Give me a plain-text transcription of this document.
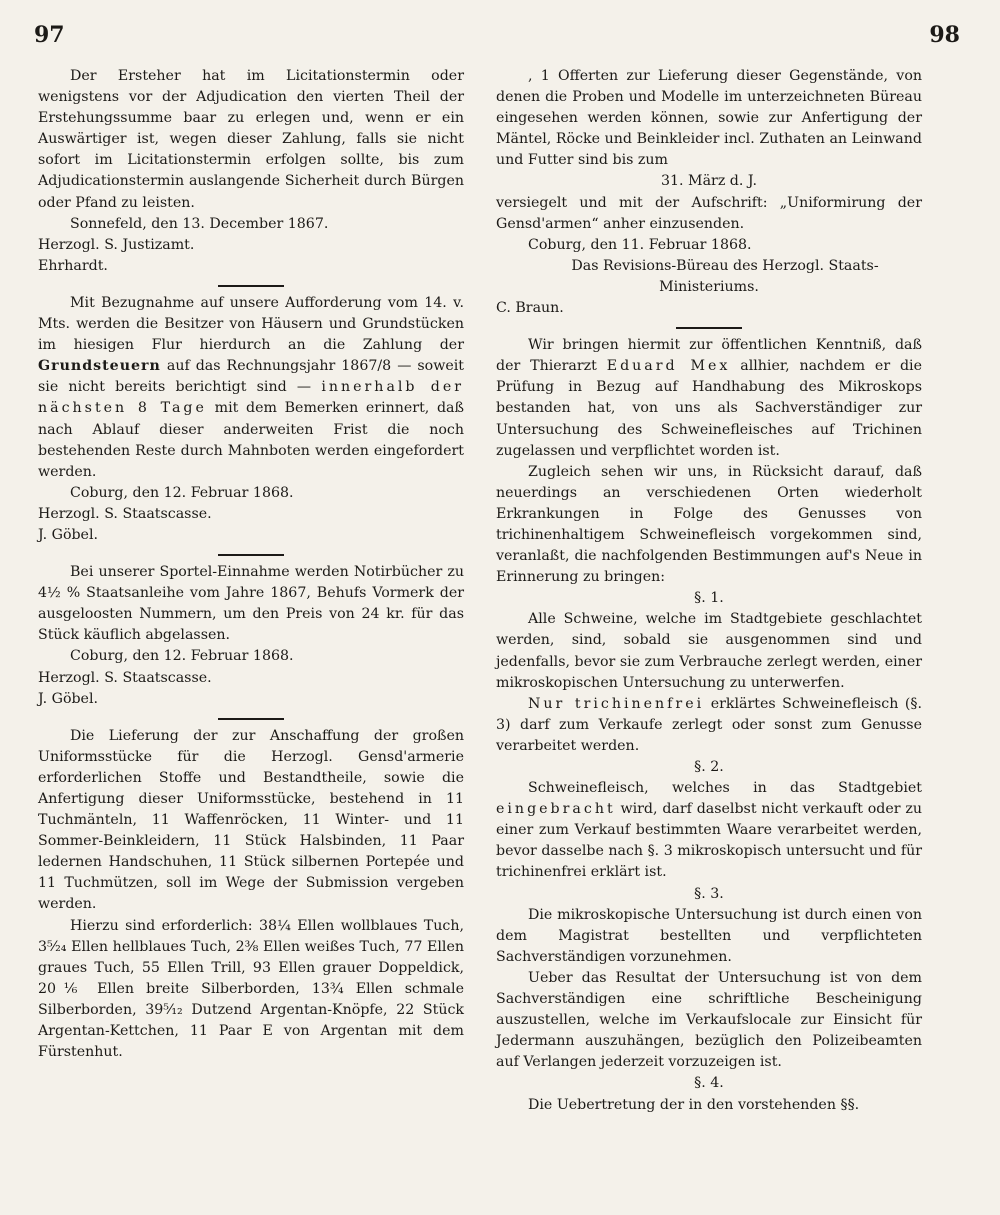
97	98

Der Ersteher hat im Licitationstermin oder wenigstens vor der Adjudication den vierten Theil der Erstehungssumme baar zu erlegen und, wenn er ein Auswärtiger ist, wegen dieser Zahlung, falls sie nicht sofort im Licitationstermin erfolgen sollte, bis zum Adjudicationstermin auslangende Sicherheit durch Bürgen oder Pfand zu leisten.

Sonnefeld, den 13. December 1867.

Herzogl. S. Justizamt.

Ehrhardt.

Mit Bezugnahme auf unsere Aufforderung vom 14. v. Mts. werden die Besitzer von Häusern und Grundstücken im hiesigen Flur hierdurch an die Zahlung der Grundsteuern auf das Rechnungsjahr 1867/8 — soweit sie nicht bereits berichtigt sind — innerhalb der nächsten 8 Tage mit dem Bemerken erinnert, daß nach Ablauf dieser anderweiten Frist die noch bestehenden Reste durch Mahnboten werden eingefordert werden.

Coburg, den 12. Februar 1868.

Herzogl. S. Staatscasse.

J. Göbel.

Bei unserer Sportel-Einnahme werden Notirbücher zu 4½ % Staatsanleihe vom Jahre 1867, Behufs Vormerk der ausgeloosten Nummern, um den Preis von 24 kr. für das Stück käuflich abgelassen.

Coburg, den 12. Februar 1868.

Herzogl. S. Staatscasse.

J. Göbel.

Die Lieferung der zur Anschaffung der großen Uniformsstücke für die Herzogl. Gensd'armerie erforderlichen Stoffe und Bestandtheile, sowie die Anfertigung dieser Uniformsstücke, bestehend in 11 Tuchmänteln, 11 Waffenröcken, 11 Winter- und 11 Sommer-Beinkleidern, 11 Stück Halsbinden, 11 Paar ledernen Handschuhen, 11 Stück silbernen Portepée und 11 Tuchmützen, soll im Wege der Submission vergeben werden.

Hierzu sind erforderlich: 38¼ Ellen wollblaues Tuch, 3⁵⁄₂₄ Ellen hellblaues Tuch, 2⅜ Ellen weißes Tuch, 77 Ellen graues Tuch, 55 Ellen Trill, 93 Ellen grauer Doppeldick, 20⅙ Ellen breite Silberborden, 13¾ Ellen schmale Silberborden, 39⁵⁄₁₂ Dutzend Argentan-Knöpfe, 22 Stück Argentan-Kettchen, 11 Paar E von Argentan mit dem Fürstenhut.

, 1 Offerten zur Lieferung dieser Gegenstände, von denen die Proben und Modelle im unterzeichneten Büreau eingesehen werden können, sowie zur Anfertigung der Mäntel, Röcke und Beinkleider incl. Zuthaten an Leinwand und Futter sind bis zum

31. März d. J.

versiegelt und mit der Aufschrift: „Uniformirung der Gensd'armen“ anher einzusenden.

Coburg, den 11. Februar 1868.

Das Revisions-Büreau des Herzogl. Staats-Ministeriums.

C. Braun.

Wir bringen hiermit zur öffentlichen Kenntniß, daß der Thierarzt Eduard Mex allhier, nachdem er die Prüfung in Bezug auf Handhabung des Mikroskops bestanden hat, von uns als Sachverständiger zur Untersuchung des Schweinefleisches auf Trichinen zugelassen und verpflichtet worden ist.

Zugleich sehen wir uns, in Rücksicht darauf, daß neuerdings an verschiedenen Orten wiederholt Erkrankungen in Folge des Genusses von trichinenhaltigem Schweinefleisch vorgekommen sind, veranlaßt, die nachfolgenden Bestimmungen auf's Neue in Erinnerung zu bringen:

§. 1.

Alle Schweine, welche im Stadtgebiete geschlachtet werden, sind, sobald sie ausgenommen sind und jedenfalls, bevor sie zum Verbrauche zerlegt werden, einer mikroskopischen Untersuchung zu unterwerfen.

Nur trichinenfrei erklärtes Schweinefleisch (§. 3) darf zum Verkaufe zerlegt oder sonst zum Genusse verarbeitet werden.

§. 2.

Schweinefleisch, welches in das Stadtgebiet eingebracht wird, darf daselbst nicht verkauft oder zu einer zum Verkauf bestimmten Waare verarbeitet werden, bevor dasselbe nach §. 3 mikroskopisch untersucht und für trichinenfrei erklärt ist.

§. 3.

Die mikroskopische Untersuchung ist durch einen von dem Magistrat bestellten und verpflichteten Sachverständigen vorzunehmen.

Ueber das Resultat der Untersuchung ist von dem Sachverständigen eine schriftliche Bescheinigung auszustellen, welche im Verkaufslocale zur Einsicht für Jedermann auszuhängen, bezüglich den Polizeibeamten auf Verlangen jederzeit vorzuzeigen ist.

§. 4.

Die Uebertretung der in den vorstehenden §§.
